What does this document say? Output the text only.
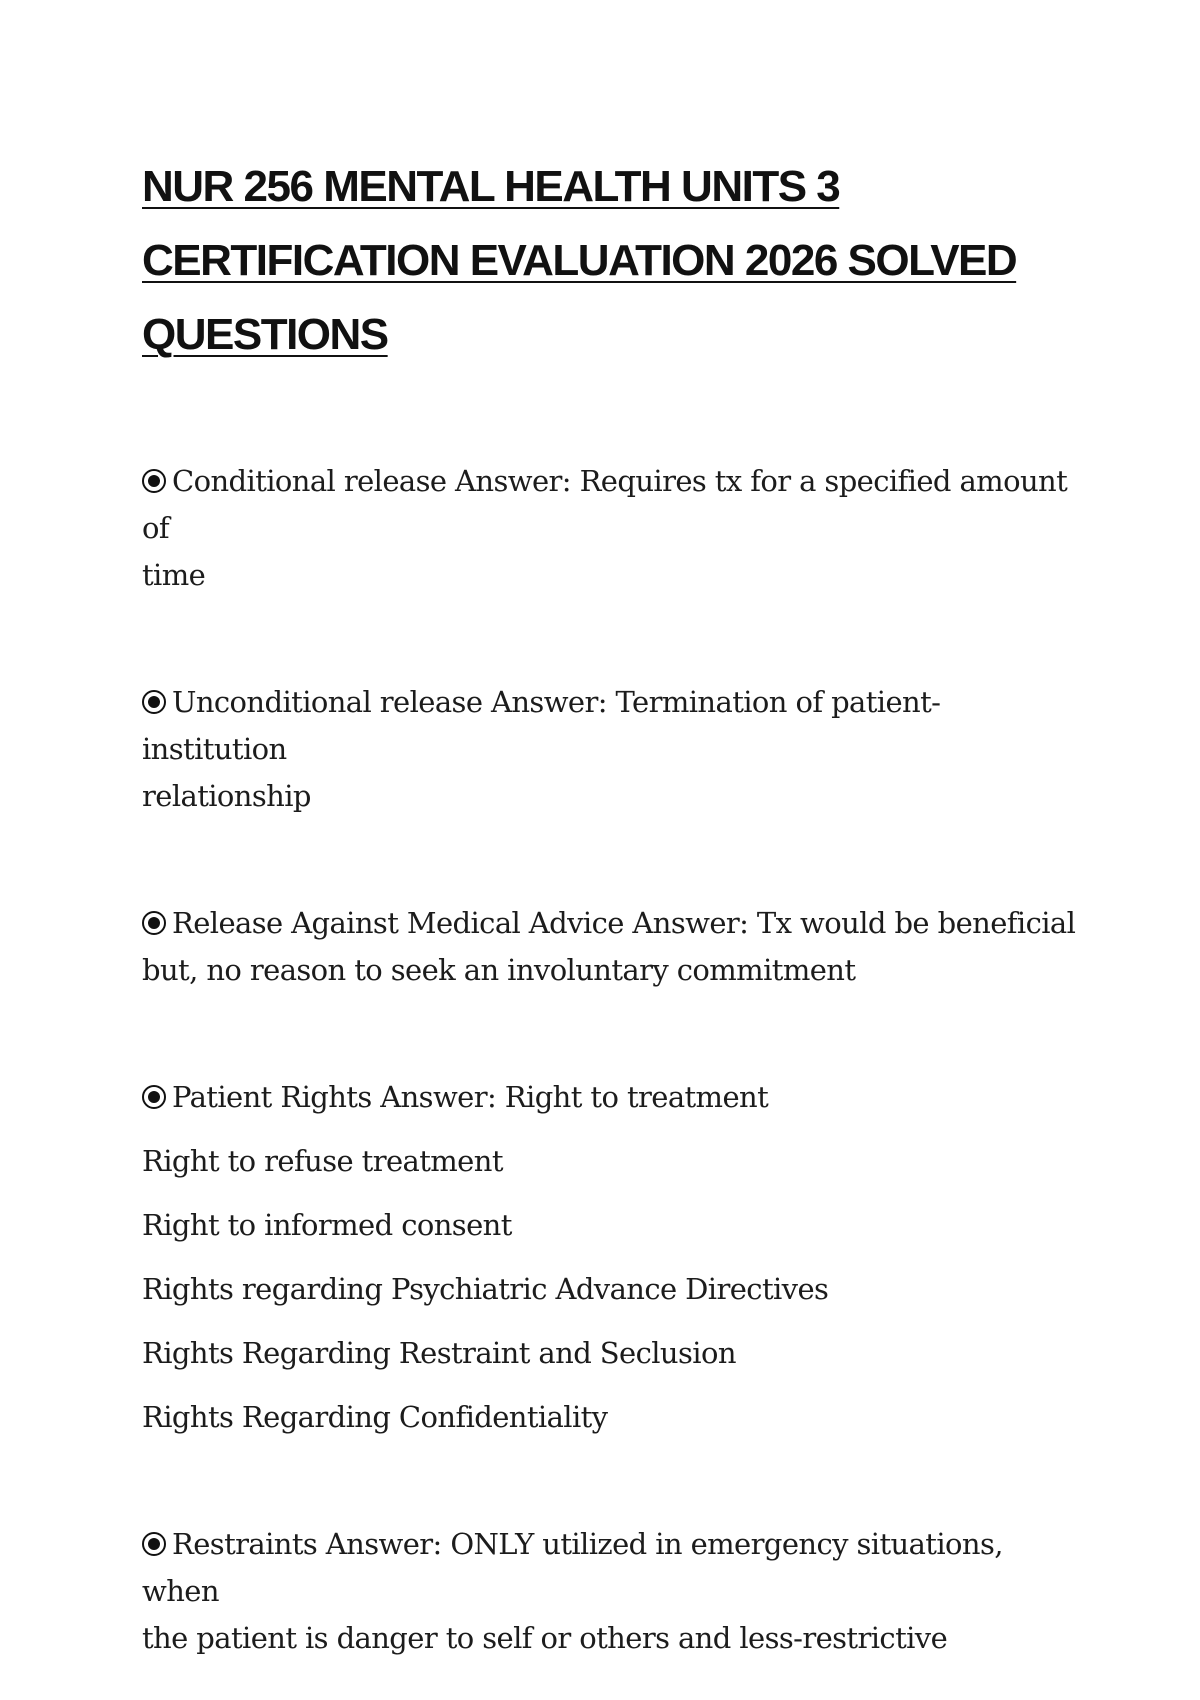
NUR 256 MENTAL HEALTH UNITS 3
CERTIFICATION EVALUATION 2026 SOLVED
QUESTIONS

Conditional release Answer: Requires tx for a specified amount of
time

Unconditional release Answer: Termination of patient-institution
relationship

Release Against Medical Advice Answer: Tx would be beneficial
but, no reason to seek an involuntary commitment

Patient Rights Answer: Right to treatment
Right to refuse treatment
Right to informed consent
Rights regarding Psychiatric Advance Directives
Rights Regarding Restraint and Seclusion
Rights Regarding Confidentiality

Restraints Answer: ONLY utilized in emergency situations, when
the patient is danger to self or others and less-restrictive
